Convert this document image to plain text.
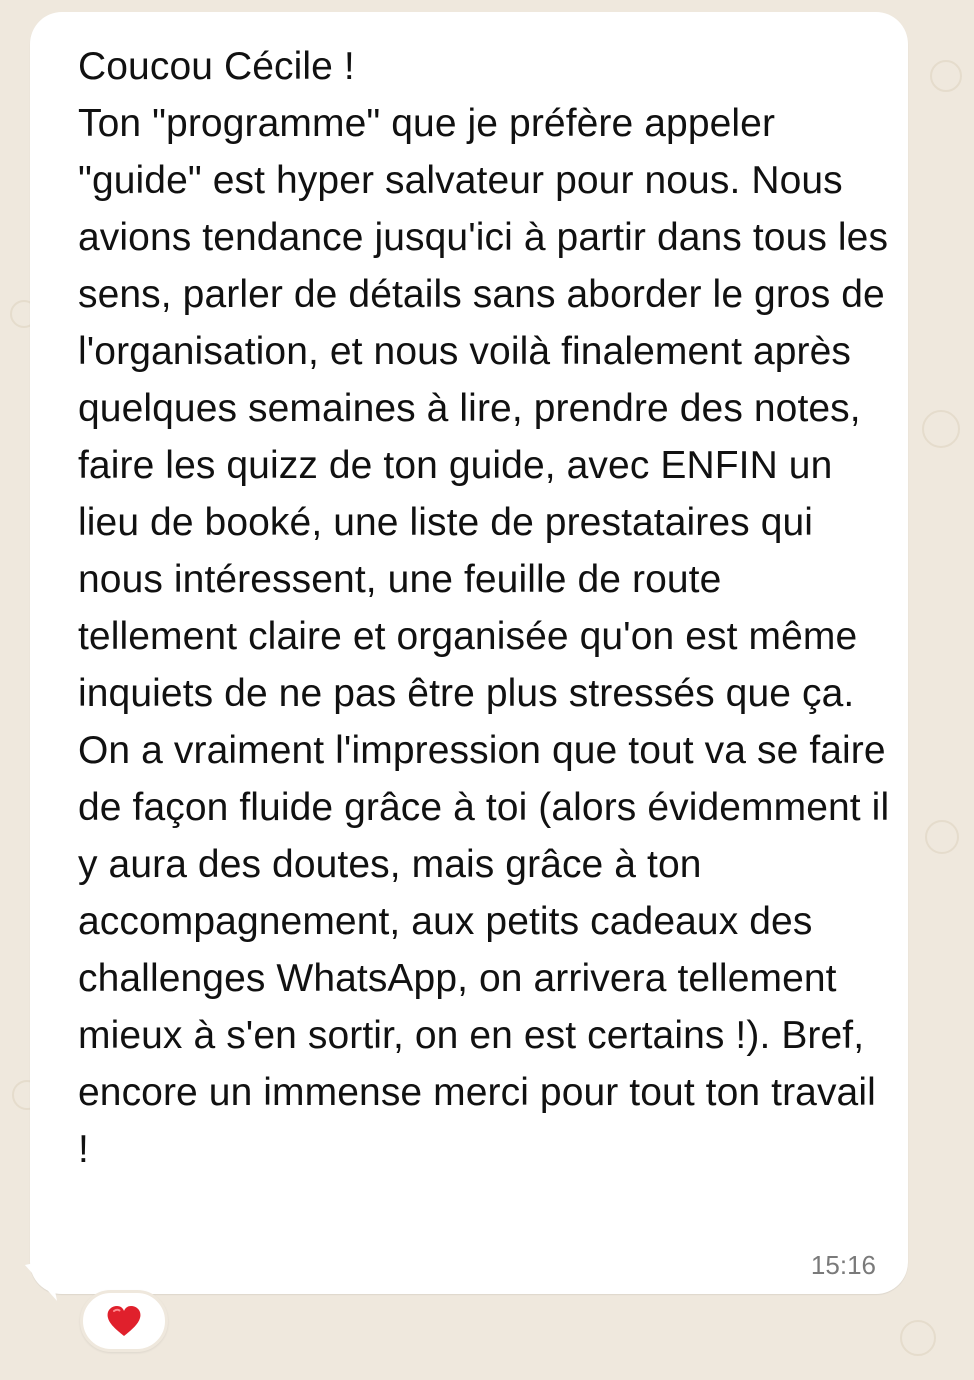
Coucou Cécile !
Ton "programme" que je préfère appeler "guide" est hyper salvateur pour nous. Nous avions tendance jusqu'ici à partir dans tous les sens, parler de détails sans aborder le gros de l'organisation, et nous voilà finalement après quelques semaines à lire, prendre des notes, faire les quizz de ton guide, avec ENFIN un lieu de booké, une liste de prestataires qui nous intéressent, une feuille de route tellement claire et organisée qu'on est même inquiets de ne pas être plus stressés que ça. On a vraiment l'impression que tout va se faire de façon fluide grâce à toi (alors évidemment il y aura des doutes, mais grâce à ton accompagnement, aux petits cadeaux des challenges WhatsApp, on arrivera tellement mieux à s'en sortir, on en est certains !). Bref, encore un immense merci pour tout ton travail !

15:16
